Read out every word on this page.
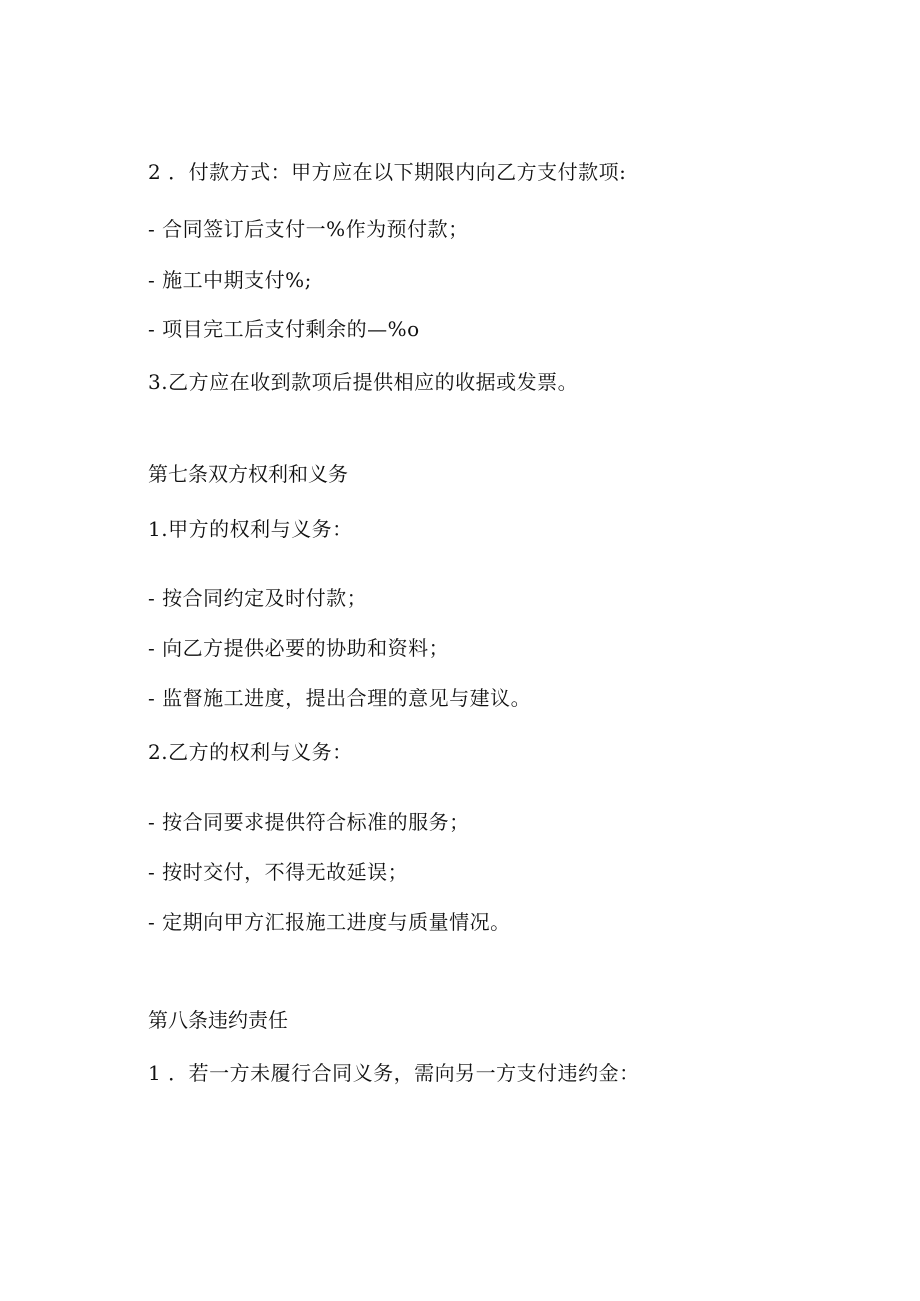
2 ．付款方式：甲方应在以下期限内向乙方支付款项:
- 合同签订后支付一%作为预付款；
- 施工中期支付%;
- 项目完工后支付剩余的—%o
3.乙方应在收到款项后提供相应的收据或发票。
第七条双方权利和义务
1.甲方的权利与义务：
- 按合同约定及时付款；
- 向乙方提供必要的协助和资料；
- 监督施工进度，提出合理的意见与建议。
2.乙方的权利与义务：
- 按合同要求提供符合标准的服务；
- 按时交付，不得无故延误；
- 定期向甲方汇报施工进度与质量情况。
第八条违约责任
1 ．若一方未履行合同义务，需向另一方支付违约金：
